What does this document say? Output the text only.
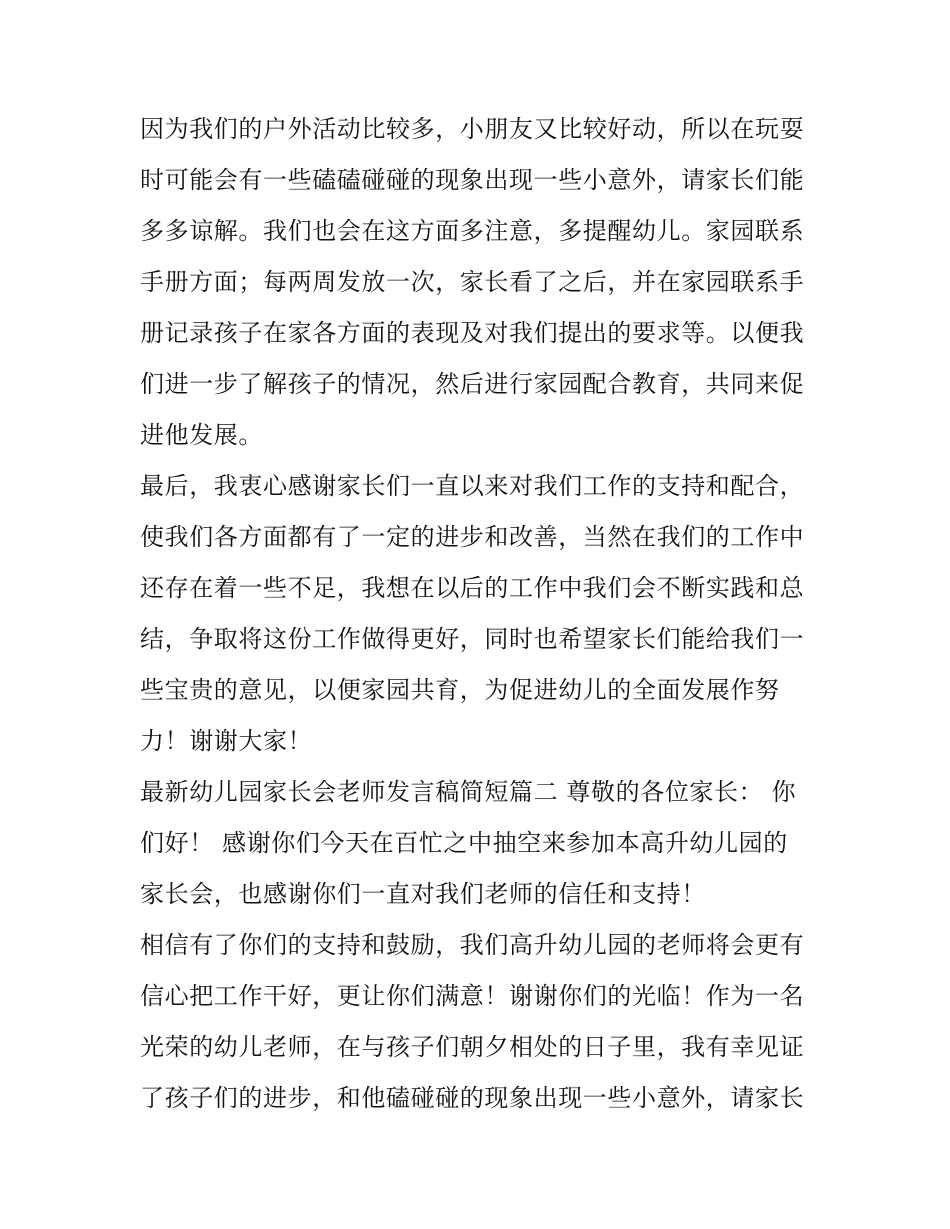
因为我们的户外活动比较多，小朋友又比较好动，所以在玩耍
时可能会有一些磕磕碰碰的现象出现一些小意外，请家长们能
多多谅解。我们也会在这方面多注意，多提醒幼儿。家园联系
手册方面；每两周发放一次，家长看了之后，并在家园联系手
册记录孩子在家各方面的表现及对我们提出的要求等。以便我
们进一步了解孩子的情况，然后进行家园配合教育，共同来促
进他发展。
最后，我衷心感谢家长们一直以来对我们工作的支持和配合，
使我们各方面都有了一定的进步和改善，当然在我们的工作中
还存在着一些不足，我想在以后的工作中我们会不断实践和总
结，争取将这份工作做得更好，同时也希望家长们能给我们一
些宝贵的意见，以便家园共育，为促进幼儿的全面发展作努
力！谢谢大家！
最新幼儿园家长会老师发言稿简短篇二 尊敬的各位家长： 你
们好！ 感谢你们今天在百忙之中抽空来参加本高升幼儿园的
家长会，也感谢你们一直对我们老师的信任和支持！
相信有了你们的支持和鼓励，我们高升幼儿园的老师将会更有
信心把工作干好，更让你们满意！谢谢你们的光临！作为一名
光荣的幼儿老师，在与孩子们朝夕相处的日子里，我有幸见证
了孩子们的进步，和他磕碰碰的现象出现一些小意外，请家长
